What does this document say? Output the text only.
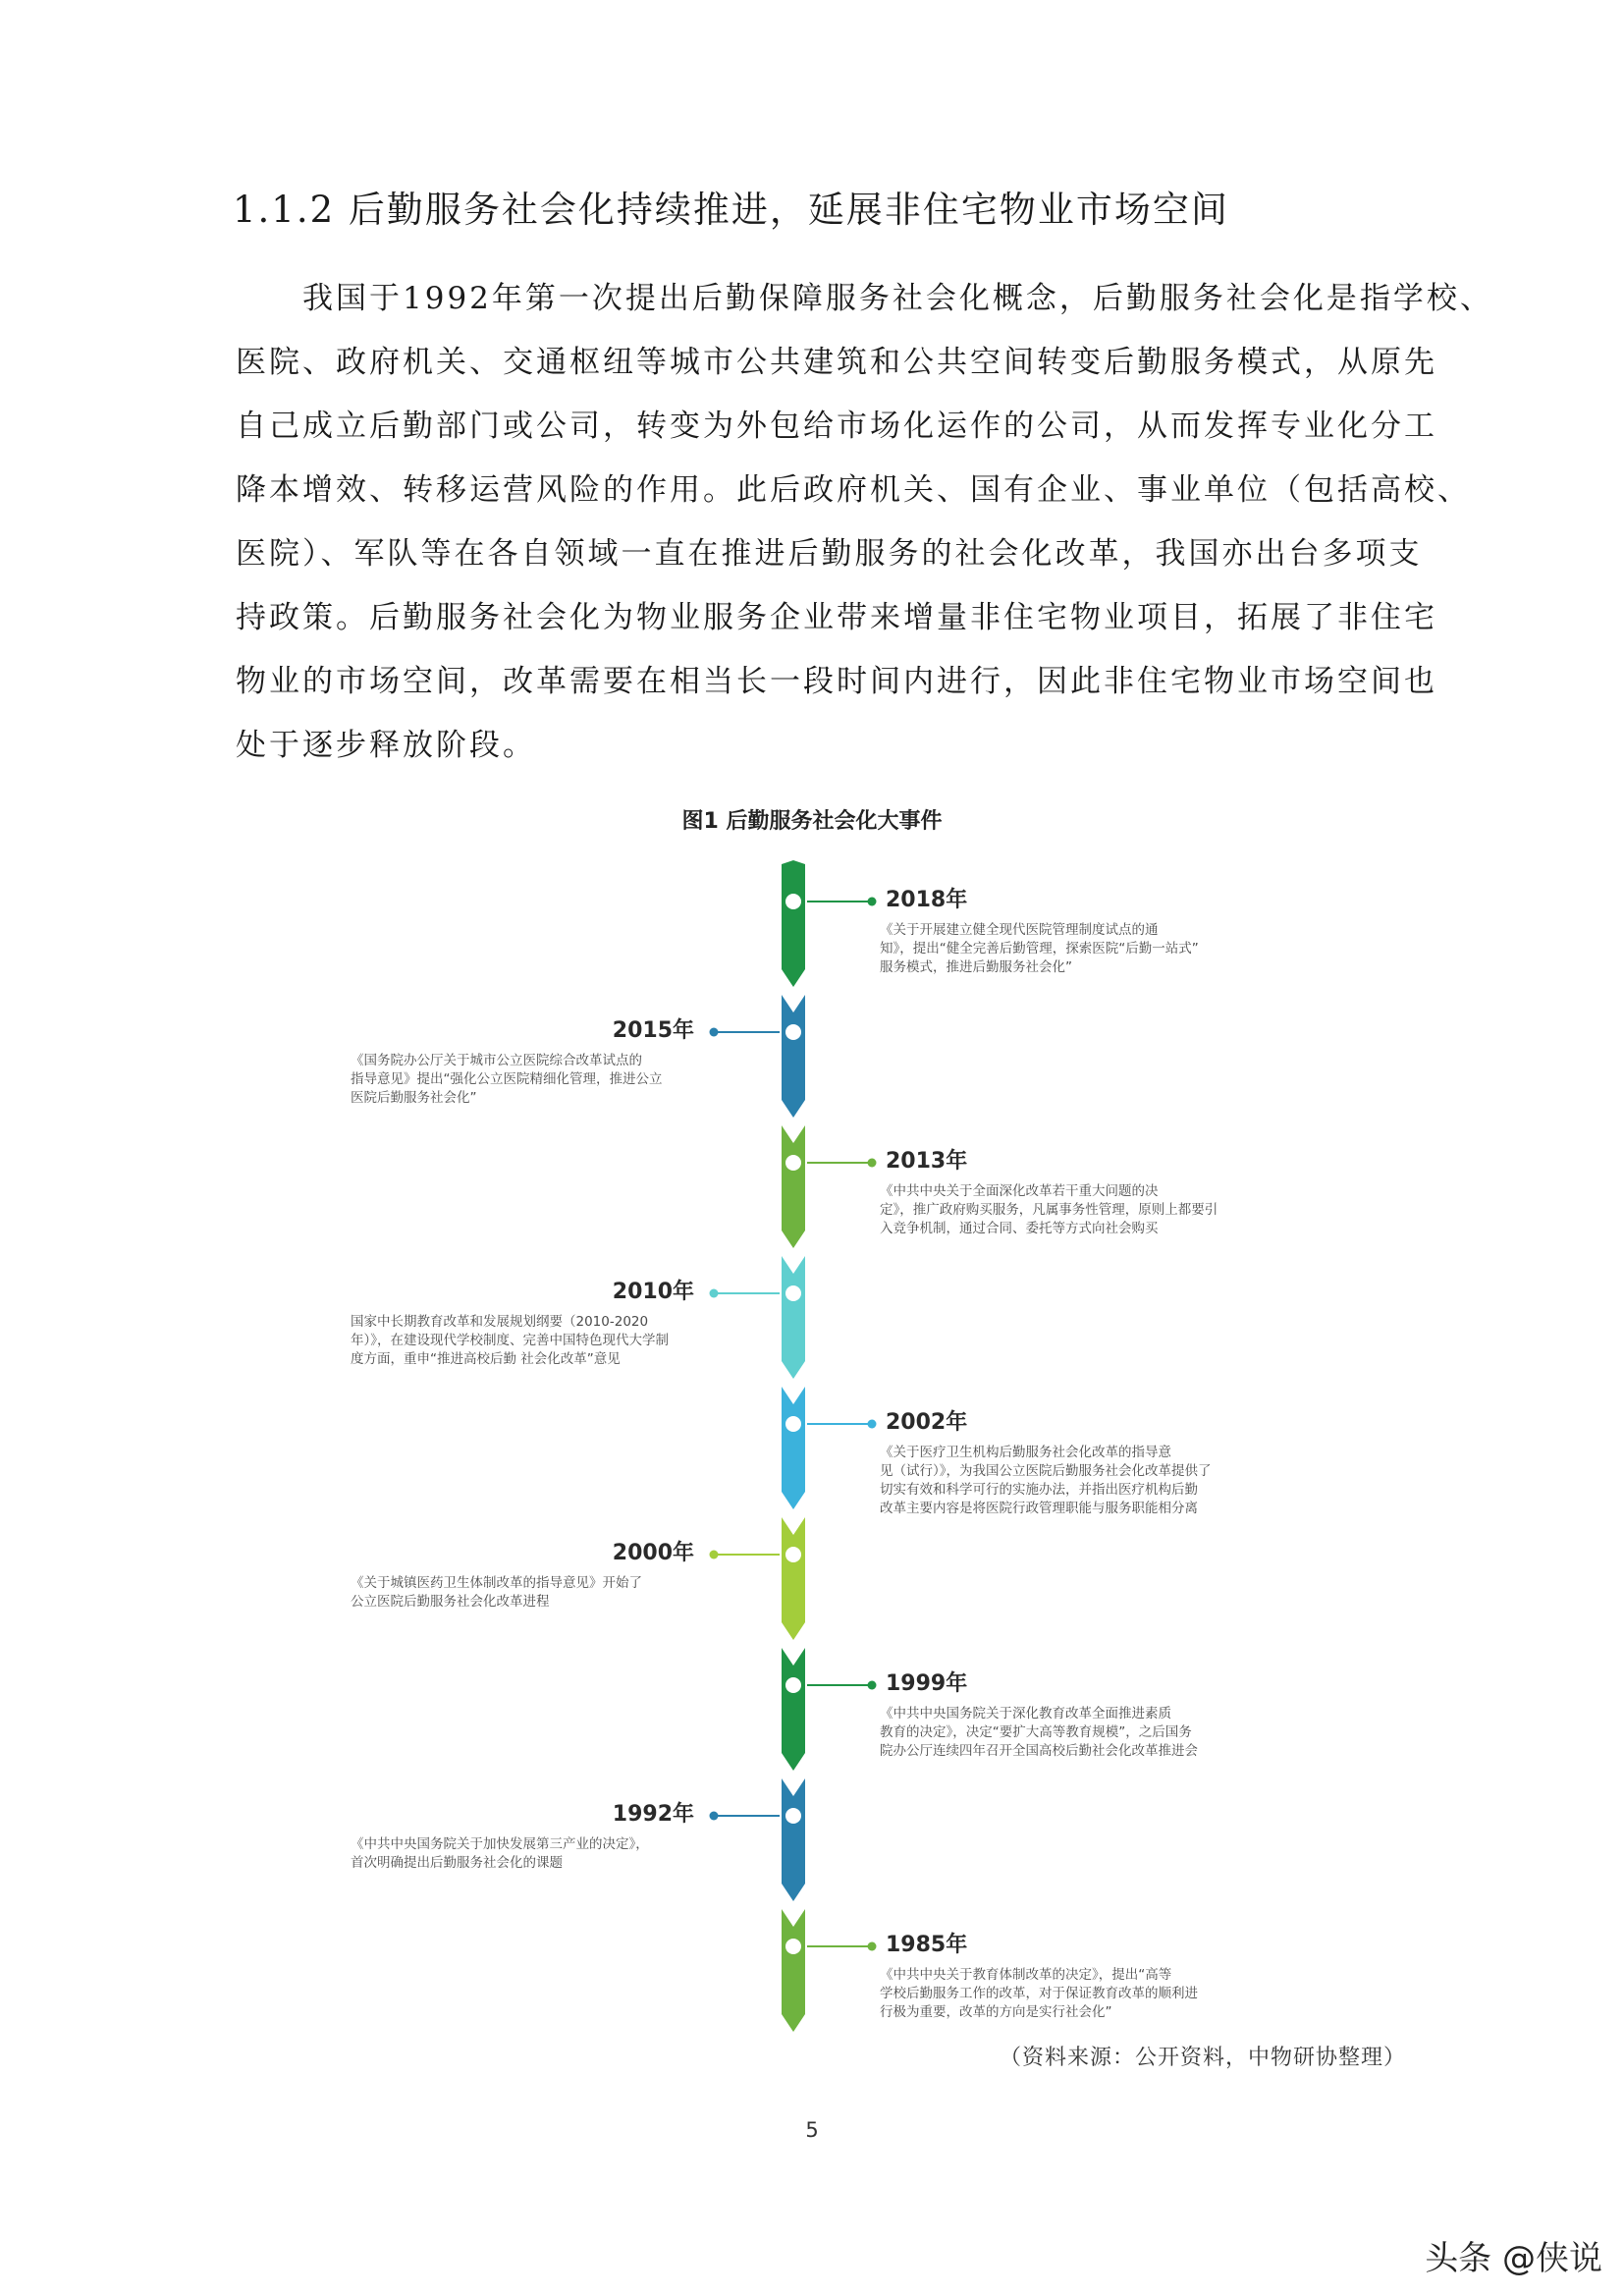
1.1.2 后勤服务社会化持续推进，延展非住宅物业市场空间
　　我国于1992年第一次提出后勤保障服务社会化概念，后勤服务社会化是指学校、
医院、政府机关、交通枢纽等城市公共建筑和公共空间转变后勤服务模式，从原先
自己成立后勤部门或公司，转变为外包给市场化运作的公司，从而发挥专业化分工
降本增效、转移运营风险的作用。此后政府机关、国有企业、事业单位（包括高校、
医院）、军队等在各自领域一直在推进后勤服务的社会化改革，我国亦出台多项支
持政策。后勤服务社会化为物业服务企业带来增量非住宅物业项目，拓展了非住宅
物业的市场空间，改革需要在相当长一段时间内进行，因此非住宅物业市场空间也
处于逐步释放阶段。
图1 后勤服务社会化大事件
2018年
《关于开展建立健全现代医院管理制度试点的通
知》，提出“健全完善后勤管理，探索医院“后勤一站式”
服务模式，推进后勤服务社会化”
2015年
《国务院办公厅关于城市公立医院综合改革试点的
指导意见》提出“强化公立医院精细化管理，推进公立
医院后勤服务社会化”
2013年
《中共中央关于全面深化改革若干重大问题的决
定》，推广政府购买服务，凡属事务性管理，原则上都要引
入竞争机制，通过合同、委托等方式向社会购买
2010年
国家中长期教育改革和发展规划纲要（2010-2020
年）》，在建设现代学校制度、完善中国特色现代大学制
度方面，重申“推进高校后勤 社会化改革”意见
2002年
《关于医疗卫生机构后勤服务社会化改革的指导意
见（试行）》，为我国公立医院后勤服务社会化改革提供了
切实有效和科学可行的实施办法，并指出医疗机构后勤
改革主要内容是将医院行政管理职能与服务职能相分离
2000年
《关于城镇医药卫生体制改革的指导意见》开始了
公立医院后勤服务社会化改革进程
1999年
《中共中央国务院关于深化教育改革全面推进素质
教育的决定》，决定“要扩大高等教育规模”，之后国务
院办公厅连续四年召开全国高校后勤社会化改革推进会
1992年
《中共中央国务院关于加快发展第三产业的决定》，
首次明确提出后勤服务社会化的课题
1985年
《中共中央关于教育体制改革的决定》，提出“高等
学校后勤服务工作的改革，对于保证教育改革的顺利进
行极为重要，改革的方向是实行社会化”
（资料来源：公开资料，中物研协整理）
5
头条 @侠说
